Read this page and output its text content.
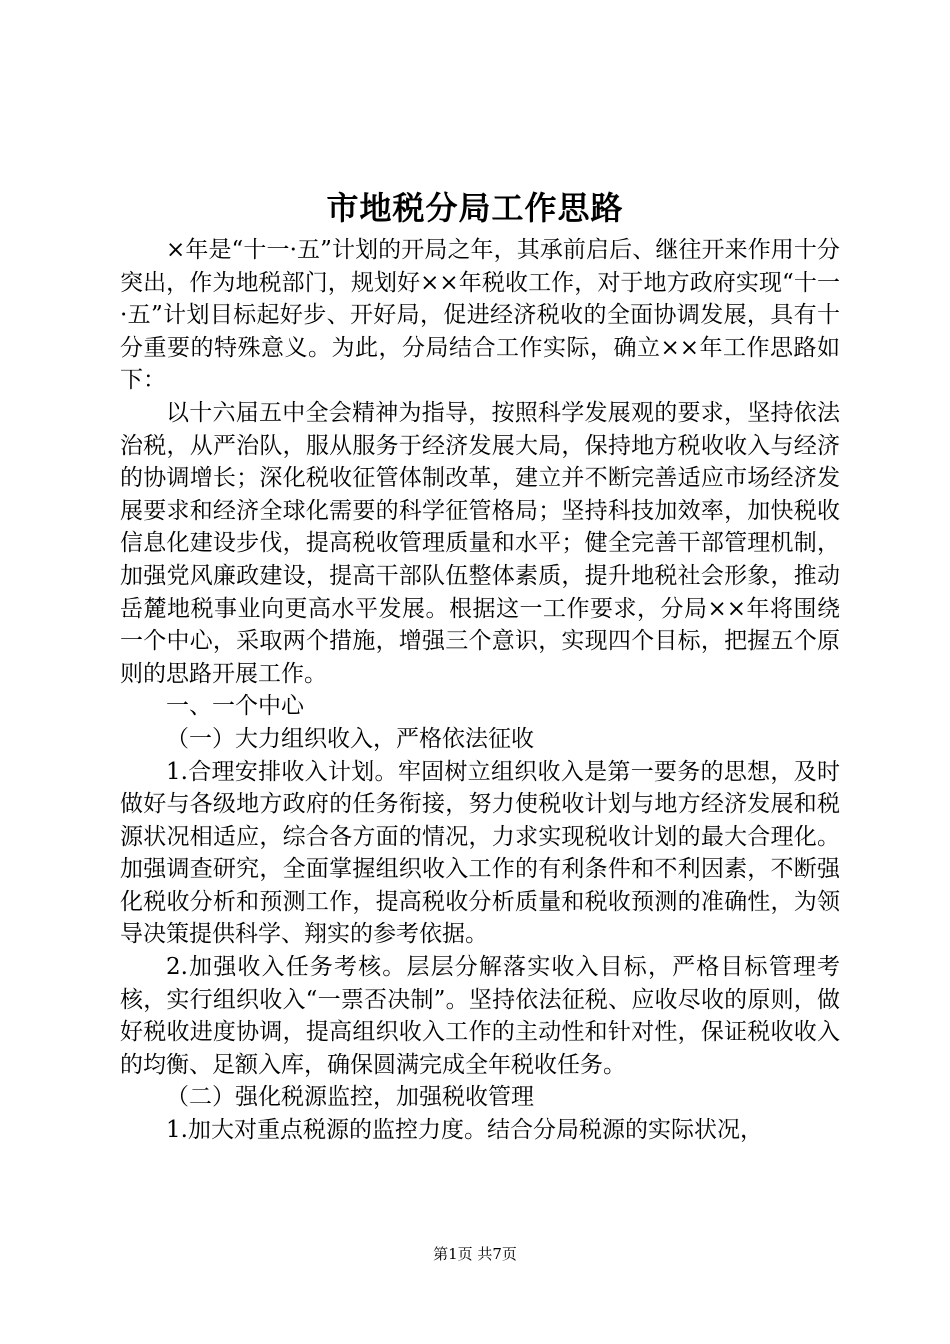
市地税分局工作思路

×年是“十一·五”计划的开局之年，其承前启后、继往开来作用十分突出，作为地税部门，规划好××年税收工作，对于地方政府实现“十一·五”计划目标起好步、开好局，促进经济税收的全面协调发展，具有十分重要的特殊意义。为此，分局结合工作实际，确立××年工作思路如下：

以十六届五中全会精神为指导，按照科学发展观的要求，坚持依法治税，从严治队，服从服务于经济发展大局，保持地方税收收入与经济的协调增长；深化税收征管体制改革，建立并不断完善适应市场经济发展要求和经济全球化需要的科学征管格局；坚持科技加效率，加快税收信息化建设步伐，提高税收管理质量和水平；健全完善干部管理机制，加强党风廉政建设，提高干部队伍整体素质，提升地税社会形象，推动岳麓地税事业向更高水平发展。根据这一工作要求，分局××年将围绕一个中心，采取两个措施，增强三个意识，实现四个目标，把握五个原则的思路开展工作。

一、一个中心

（一）大力组织收入，严格依法征收

1.合理安排收入计划。牢固树立组织收入是第一要务的思想，及时做好与各级地方政府的任务衔接，努力使税收计划与地方经济发展和税源状况相适应，综合各方面的情况，力求实现税收计划的最大合理化。加强调查研究，全面掌握组织收入工作的有利条件和不利因素，不断强化税收分析和预测工作，提高税收分析质量和税收预测的准确性，为领导决策提供科学、翔实的参考依据。

2.加强收入任务考核。层层分解落实收入目标，严格目标管理考核，实行组织收入“一票否决制”。坚持依法征税、应收尽收的原则，做好税收进度协调，提高组织收入工作的主动性和针对性，保证税收收入的均衡、足额入库，确保圆满完成全年税收任务。

（二）强化税源监控，加强税收管理

1.加大对重点税源的监控力度。结合分局税源的实际状况，

第1页 共7页
